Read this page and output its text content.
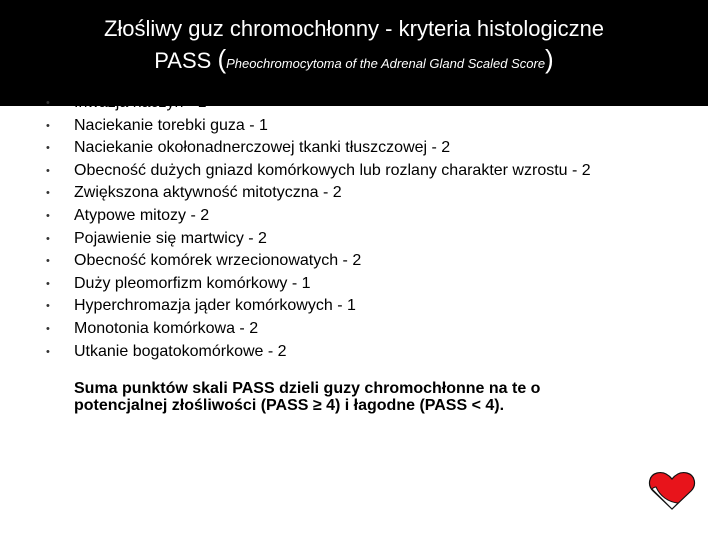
Złośliwy guz chromochłonny - kryteria histologiczne
PASS (Pheochromocytoma of the Adrenal Gland Scaled Score)
• Inwazja naczyń - 1
• Naciekanie torebki guza - 1
• Naciekanie okołonadnerczowej tkanki tłuszczowej - 2
• Obecność dużych gniazd komórkowych lub rozlany charakter wzrostu - 2
• Zwiększona aktywność mitotyczna - 2
• Atypowe mitozy - 2
• Pojawienie się martwicy - 2
• Obecność komórek wrzecionowatych - 2
• Duży pleomorfizm komórkowy - 1
• Hyperchromazja jąder komórkowych - 1
• Monotonia komórkowa - 2
• Utkanie bogatokomórkowe - 2

Suma punktów skali PASS dzieli guzy chromochłonne na te o potencjalnej złośliwości (PASS ≥ 4) i łagodne (PASS < 4).
